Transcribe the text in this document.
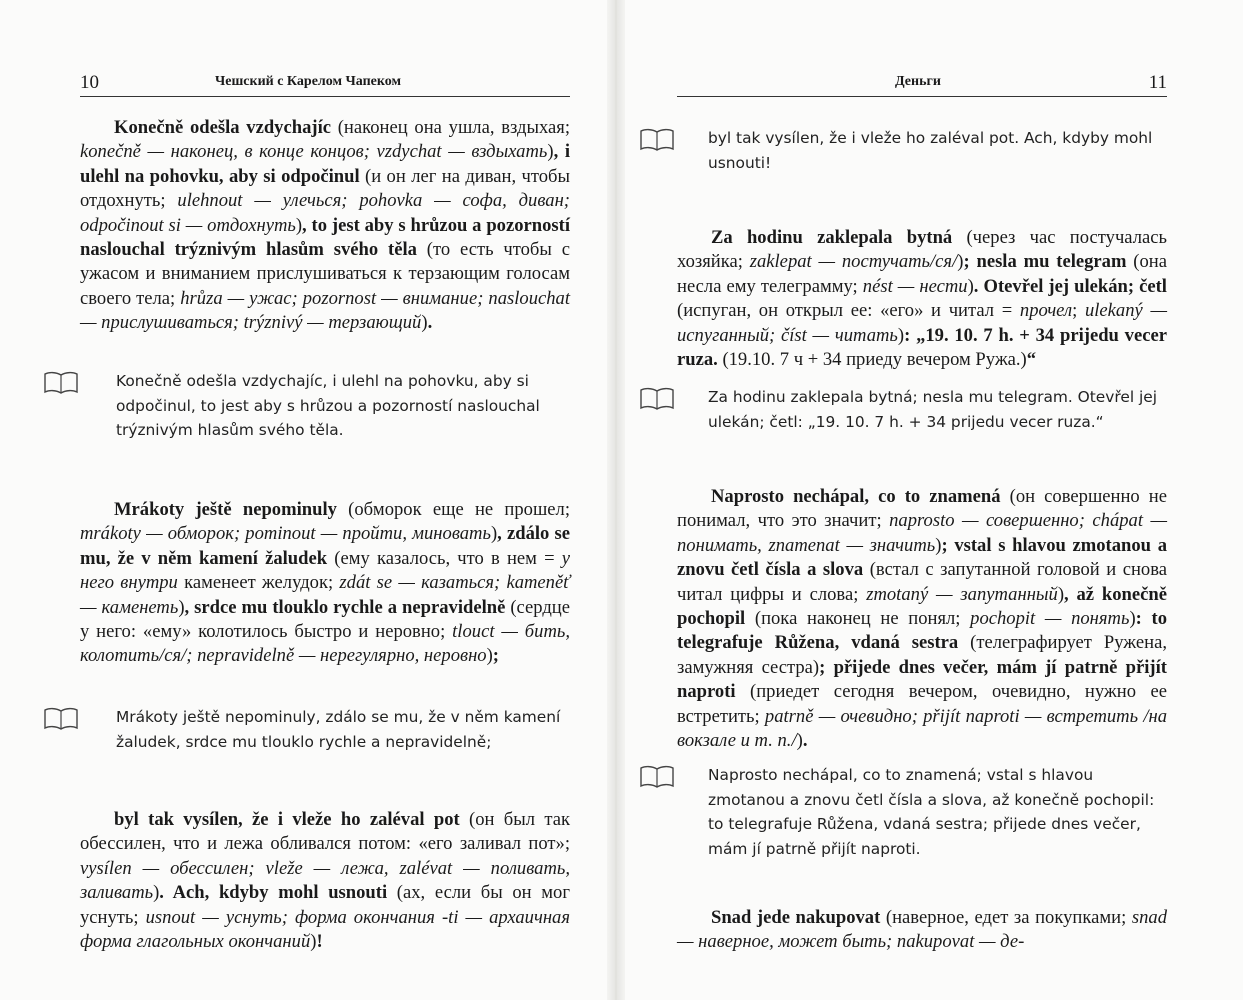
10	Чешский с Карелом Чапеком

Konečně odešla vzdychajíc (наконец она ушла, вздыхая; konečně — наконец, в конце концов; vzdychat — вздыхать), i ulehl na pohovku, aby si odpočinul (и он лег на диван, чтобы отдохнуть; ulehnout — улечься; pohovka — софа, диван; odpočinout si — отдохнуть), to jest aby s hrůzou a pozorností naslouchal trýznivým hlasům svého těla (то есть чтобы с ужасом и вниманием прислушиваться к терзающим голосам своего тела; hrůza — ужас; pozornost — внимание; naslouchat — прислушиваться; trýznivý — терзающий).

Konečně odešla vzdychajíc, i ulehl na pohovku, aby si odpočinul, to jest aby s hrůzou a pozorností naslouchal trýznivým hlasům svého těla.

Mrákoty ještě nepominuly (обморок еще не прошел; mrákoty — обморок; pominout — пройти, миновать), zdálo se mu, že v něm kamení žaludek (ему казалось, что в нем = у него внутри каменеет желудок; zdát se — казаться; kameněť — каменеть), srdce mu tlouklo rychle a nepravidelně (сердце у него: «ему» колотилось быстро и неровно; tlouct — бить, колотить/ся/; nepravidelně — нерегулярно, неровно);

Mrákoty ještě nepominuly, zdálo se mu, že v něm kamení žaludek, srdce mu tlouklo rychle a nepravidelně;

byl tak vysílen, že i vleže ho zaléval pot (он был так обессилен, что и лежа обливался потом: «его заливал пот»; vysílen — обессилен; vleže — лежа, zalévat — поливать, заливать). Ach, kdyby mohl usnouti (ах, если бы он мог уснуть; usnout — уснуть; форма окончания -ti — архаичная форма глагольных окончаний)!

Деньги	11
byl tak vysílen, že i vleže ho zaléval pot. Ach, kdyby mohl usnouti!

Za hodinu zaklepala bytná (через час постучалась хозяйка; zaklepat — постучать/ся/); nesla mu telegram (она несла ему телеграмму; nést — нести). Otevřel jej ulekán; četl (испуган, он открыл ее: «его» и читал = прочел; ulekaný — испуганный; číst — читать): „19. 10. 7 h. + 34 prijedu vecer ruza. (19.10. 7 ч + 34 приеду вечером Ружа.)“

Za hodinu zaklepala bytná; nesla mu telegram. Otevřel jej ulekán; četl: „19. 10. 7 h. + 34 prijedu vecer ruza.“

Naprosto nechápal, co to znamená (он совершенно не понимал, что это значит; naprosto — совершенно; chápat — понимать, znamenat — значить); vstal s hlavou zmotanou a znovu četl čísla a slova (встал с запутанной головой и снова читал цифры и слова; zmotaný — запутанный), až konečně pochopil (пока наконец не понял; pochopit — понять): to telegrafuje Růžena, vdaná sestra (телеграфирует Ружена, замужняя сестра); přijede dnes večer, mám jí patrně přijít naproti (приедет сегодня вечером, очевидно, нужно ее встретить; patrně — очевидно; přijít naproti — встретить /на вокзале и т. п./).

Naprosto nechápal, co to znamená; vstal s hlavou zmotanou a znovu četl čísla a slova, až konečně pochopil: to telegrafuje Růžena, vdaná sestra; přijede dnes večer, mám jí patrně přijít naproti.

Snad jede nakupovat (наверное, едет за покупками; snad — наверное, может быть; nakupovat — де-
